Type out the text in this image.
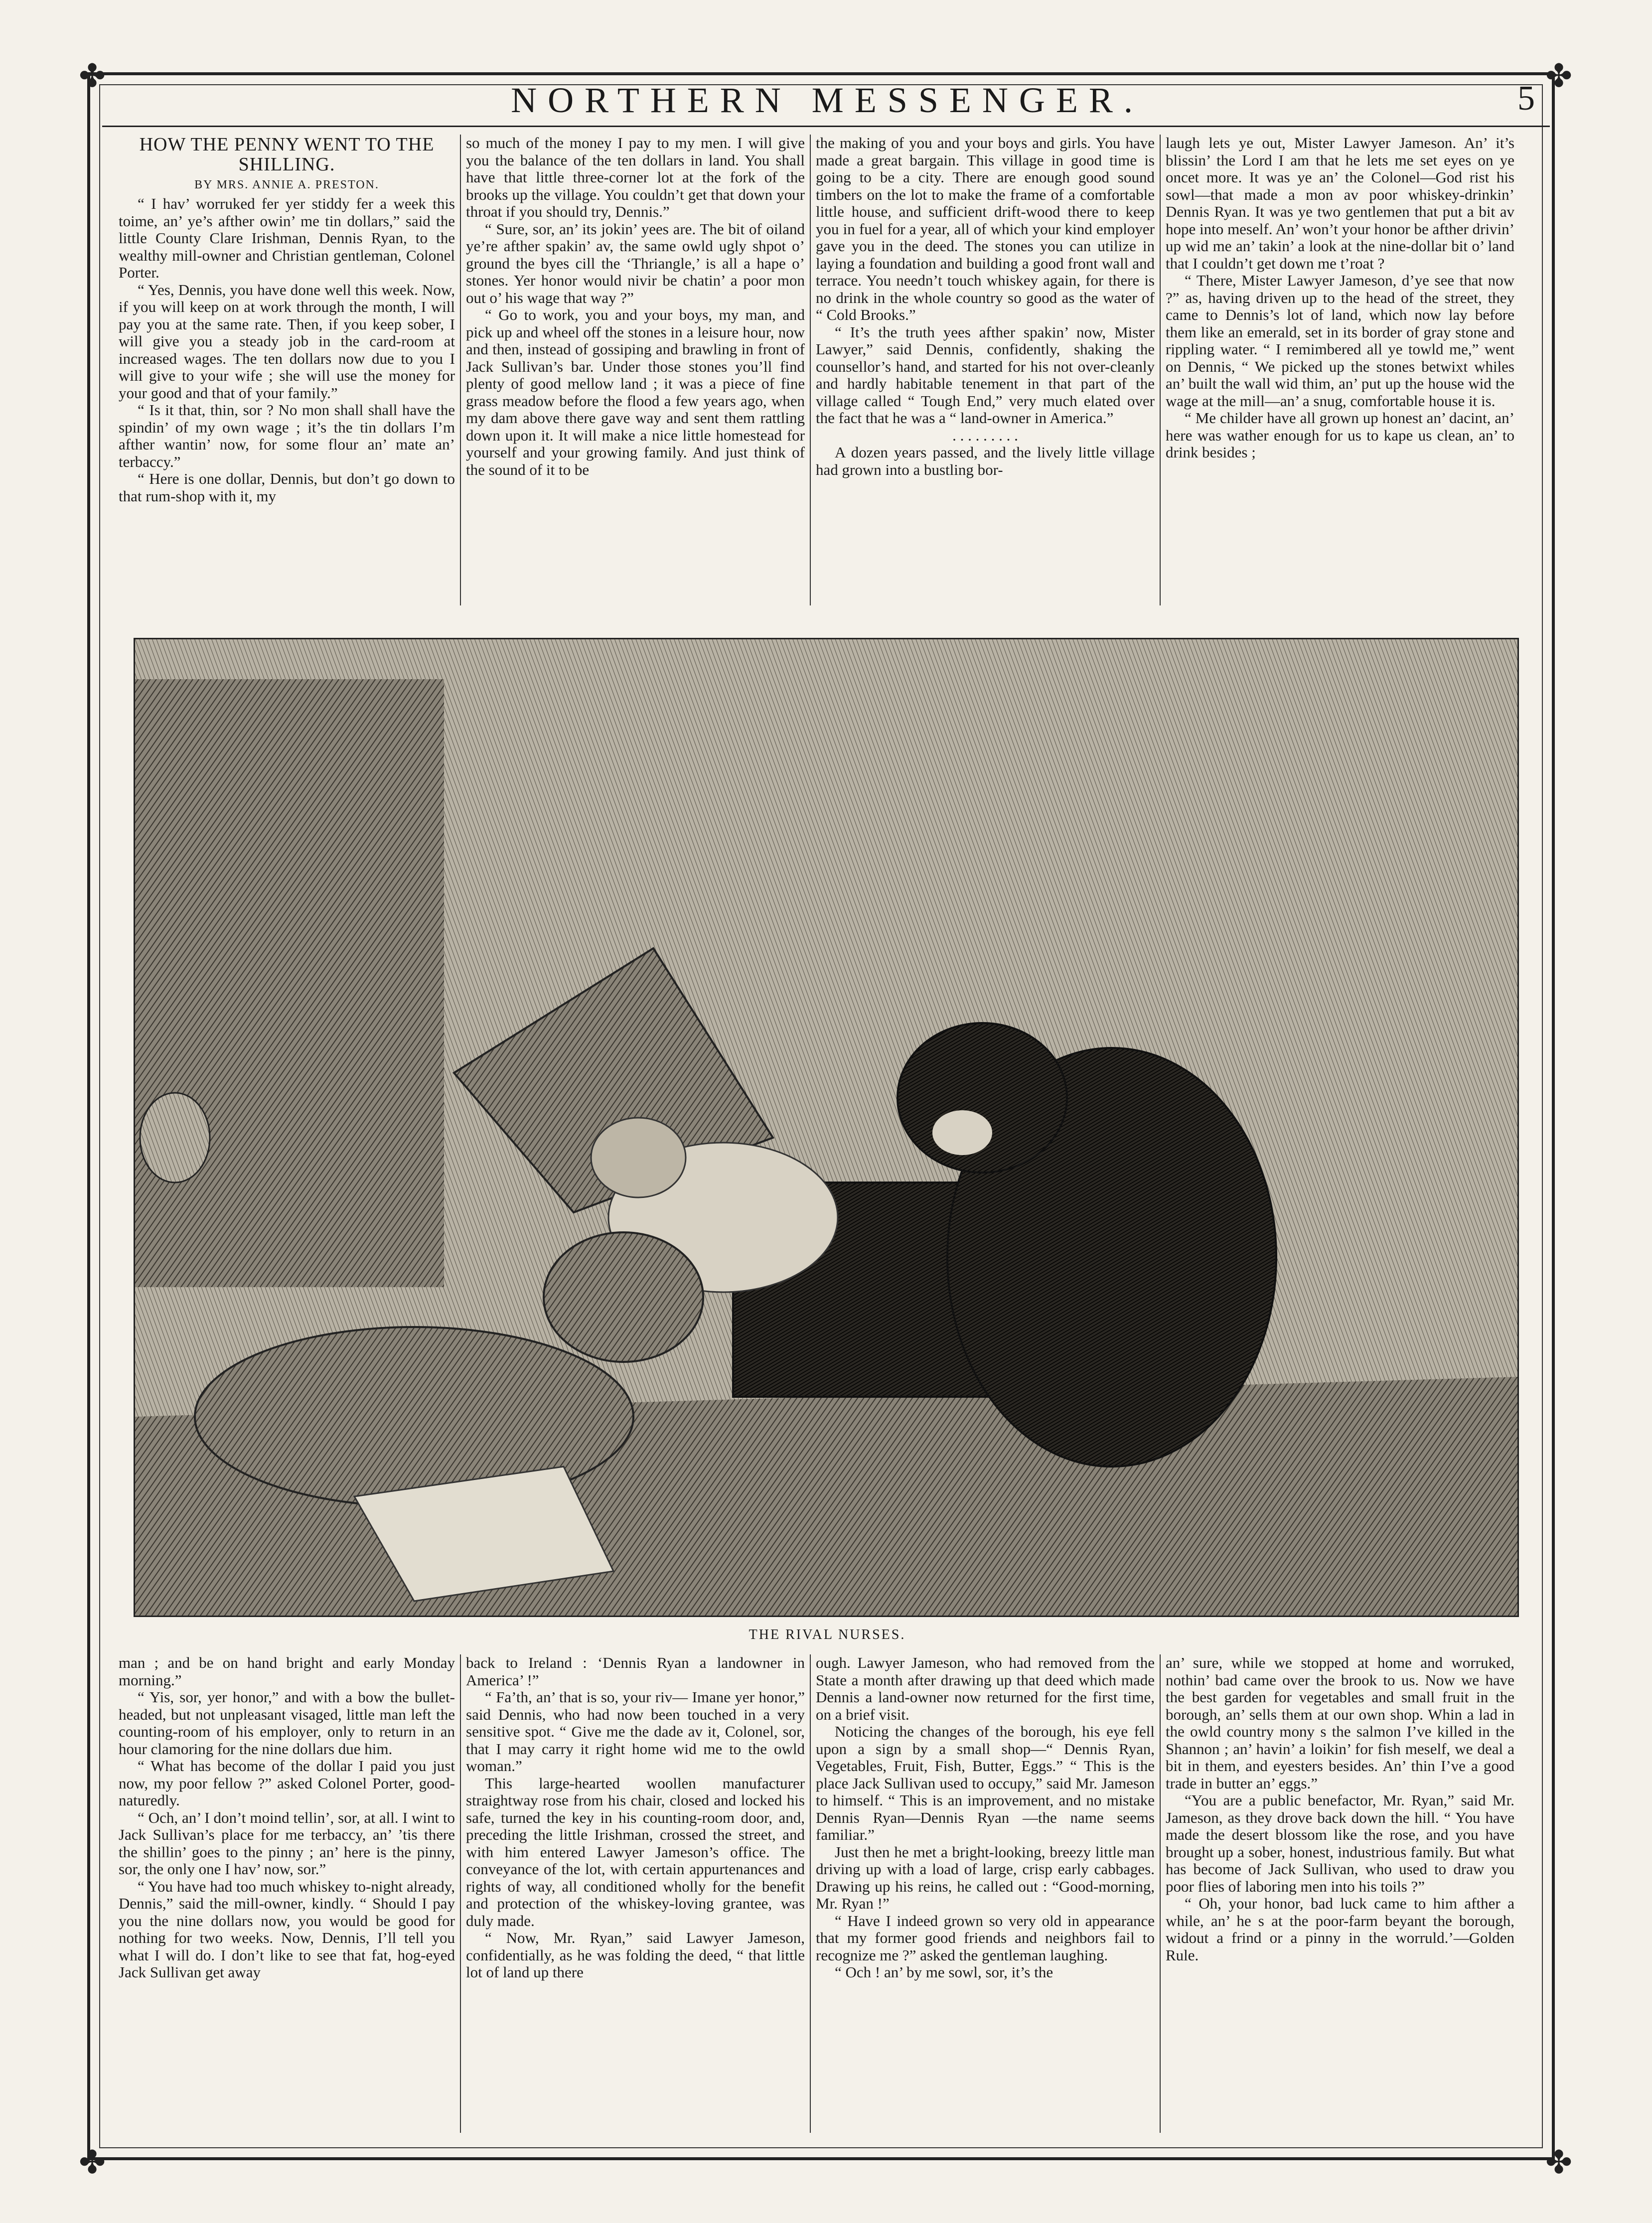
✤	✤
✤	✤
NORTHERN MESSENGER.	5
HOW THE PENNY WENT TO THE SHILLING.
BY MRS. ANNIE A. PRESTON.

“ I hav’ worruked fer yer stiddy fer a week this toime, an’ ye’s afther owin’ me tin dollars,” said the little County Clare Irishman, Dennis Ryan, to the wealthy mill-owner and Christian gentleman, Colonel Porter.

“ Yes, Dennis, you have done well this week. Now, if you will keep on at work through the month, I will pay you at the same rate. Then, if you keep sober, I will give you a steady job in the card-room at increased wages. The ten dollars now due to you I will give to your wife ; she will use the money for your good and that of your family.”

“ Is it that, thin, sor ? No mon shall shall have the spindin’ of my own wage ; it’s the tin dollars I’m afther wantin’ now, for some flour an’ mate an’ terbaccy.”

“ Here is one dollar, Dennis, but don’t go down to that rum-shop with it, my

so much of the money I pay to my men. I will give you the balance of the ten dollars in land. You shall have that little three-corner lot at the fork of the brooks up the village. You couldn’t get that down your throat if you should try, Dennis.”

“ Sure, sor, an’ its jokin’ yees are. The bit of oiland ye’re afther spakin’ av, the same owld ugly shpot o’ ground the byes cill the ‘Thriangle,’ is all a hape o’ stones. Yer honor would nivir be chatin’ a poor mon out o’ his wage that way ?”

“ Go to work, you and your boys, my man, and pick up and wheel off the stones in a leisure hour, now and then, instead of gossiping and brawling in front of Jack Sullivan’s bar. Under those stones you’ll find plenty of good mellow land ; it was a piece of fine grass meadow before the flood a few years ago, when my dam above there gave way and sent them rattling down upon it. It will make a nice little homestead for yourself and your growing family. And just think of the sound of it to be

the making of you and your boys and girls. You have made a great bargain. This village in good time is going to be a city. There are enough good sound timbers on the lot to make the frame of a comfortable little house, and sufficient drift-wood there to keep you in fuel for a year, all of which your kind employer gave you in the deed. The stones you can utilize in laying a foundation and building a good front wall and terrace. You needn’t touch whiskey again, for there is no drink in the whole country so good as the water of “ Cold Brooks.”

“ It’s the truth yees afther spakin’ now, Mister Lawyer,” said Dennis, confidently, shaking the counsellor’s hand, and started for his not over-cleanly and hardly habitable tenement in that part of the village called “ Tough End,” very much elated over the fact that he was a “ land-owner in America.”

. . . . . . . . .

A dozen years passed, and the lively little village had grown into a bustling bor-

laugh lets ye out, Mister Lawyer Jameson. An’ it’s blissin’ the Lord I am that he lets me set eyes on ye oncet more. It was ye an’ the Colonel—God rist his sowl—that made a mon av poor whiskey-drinkin’ Dennis Ryan. It was ye two gentlemen that put a bit av hope into meself. An’ won’t your honor be afther drivin’ up wid me an’ takin’ a look at the nine-dollar bit o’ land that I couldn’t get down me t’roat ?

“ There, Mister Lawyer Jameson, d’ye see that now ?” as, having driven up to the head of the street, they came to Dennis’s lot of land, which now lay before them like an emerald, set in its border of gray stone and rippling water. “ I remimbered all ye towld me,” went on Dennis, “ We picked up the stones betwixt whiles an’ built the wall wid thim, an’ put up the house wid the wage at the mill—an’ a snug, comfortable house it is.

“ Me childer have all grown up honest an’ dacint, an’ here was wather enough for us to kape us clean, an’ to drink besides ;

THE RIVAL NURSES.

man ; and be on hand bright and early Monday morning.”

“ Yis, sor, yer honor,” and with a bow the bullet-headed, but not unpleasant visaged, little man left the counting-room of his employer, only to return in an hour clamoring for the nine dollars due him.

“ What has become of the dollar I paid you just now, my poor fellow ?” asked Colonel Porter, good-naturedly.

“ Och, an’ I don’t moind tellin’, sor, at all. I wint to Jack Sullivan’s place for me terbaccy, an’ ’tis there the shillin’ goes to the pinny ; an’ here is the pinny, sor, the only one I hav’ now, sor.”

“ You have had too much whiskey to-night already, Dennis,” said the mill-owner, kindly. “ Should I pay you the nine dollars now, you would be good for nothing for two weeks. Now, Dennis, I’ll tell you what I will do. I don’t like to see that fat, hog-eyed Jack Sullivan get away

back to Ireland : ‘Dennis Ryan a landowner in America’ !”

“ Fa’th, an’ that is so, your riv— Imane yer honor,” said Dennis, who had now been touched in a very sensitive spot. “ Give me the dade av it, Colonel, sor, that I may carry it right home wid me to the owld woman.”

This large-hearted woollen manufacturer straightway rose from his chair, closed and locked his safe, turned the key in his counting-room door, and, preceding the little Irishman, crossed the street, and with him entered Lawyer Jameson’s office. The conveyance of the lot, with certain appurtenances and rights of way, all conditioned wholly for the benefit and protection of the whiskey-loving grantee, was duly made.

“ Now, Mr. Ryan,” said Lawyer Jameson, confidentially, as he was folding the deed, “ that little lot of land up there

ough. Lawyer Jameson, who had removed from the State a month after drawing up that deed which made Dennis a land-owner now returned for the first time, on a brief visit.

Noticing the changes of the borough, his eye fell upon a sign by a small shop—“ Dennis Ryan, Vegetables, Fruit, Fish, Butter, Eggs.” “ This is the place Jack Sullivan used to occupy,” said Mr. Jameson to himself. “ This is an improvement, and no mistake Dennis Ryan—Dennis Ryan —the name seems familiar.”

Just then he met a bright-looking, breezy little man driving up with a load of large, crisp early cabbages. Drawing up his reins, he called out : “Good-morning, Mr. Ryan !”

“ Have I indeed grown so very old in appearance that my former good friends and neighbors fail to recognize me ?” asked the gentleman laughing.

“ Och ! an’ by me sowl, sor, it’s the

an’ sure, while we stopped at home and worruked, nothin’ bad came over the brook to us. Now we have the best garden for vegetables and small fruit in the borough, an’ sells them at our own shop. Whin a lad in the owld country mony s the salmon I’ve killed in the Shannon ; an’ havin’ a loikin’ for fish meself, we deal a bit in them, and eyesters besides. An’ thin I’ve a good trade in butter an’ eggs.”

“You are a public benefactor, Mr. Ryan,” said Mr. Jameson, as they drove back down the hill. “ You have made the desert blossom like the rose, and you have brought up a sober, honest, industrious family. But what has become of Jack Sullivan, who used to draw you poor flies of laboring men into his toils ?”

“ Oh, your honor, bad luck came to him afther a while, an’ he s at the poor-farm beyant the borough, widout a frind or a pinny in the worruld.’—Golden Rule.
